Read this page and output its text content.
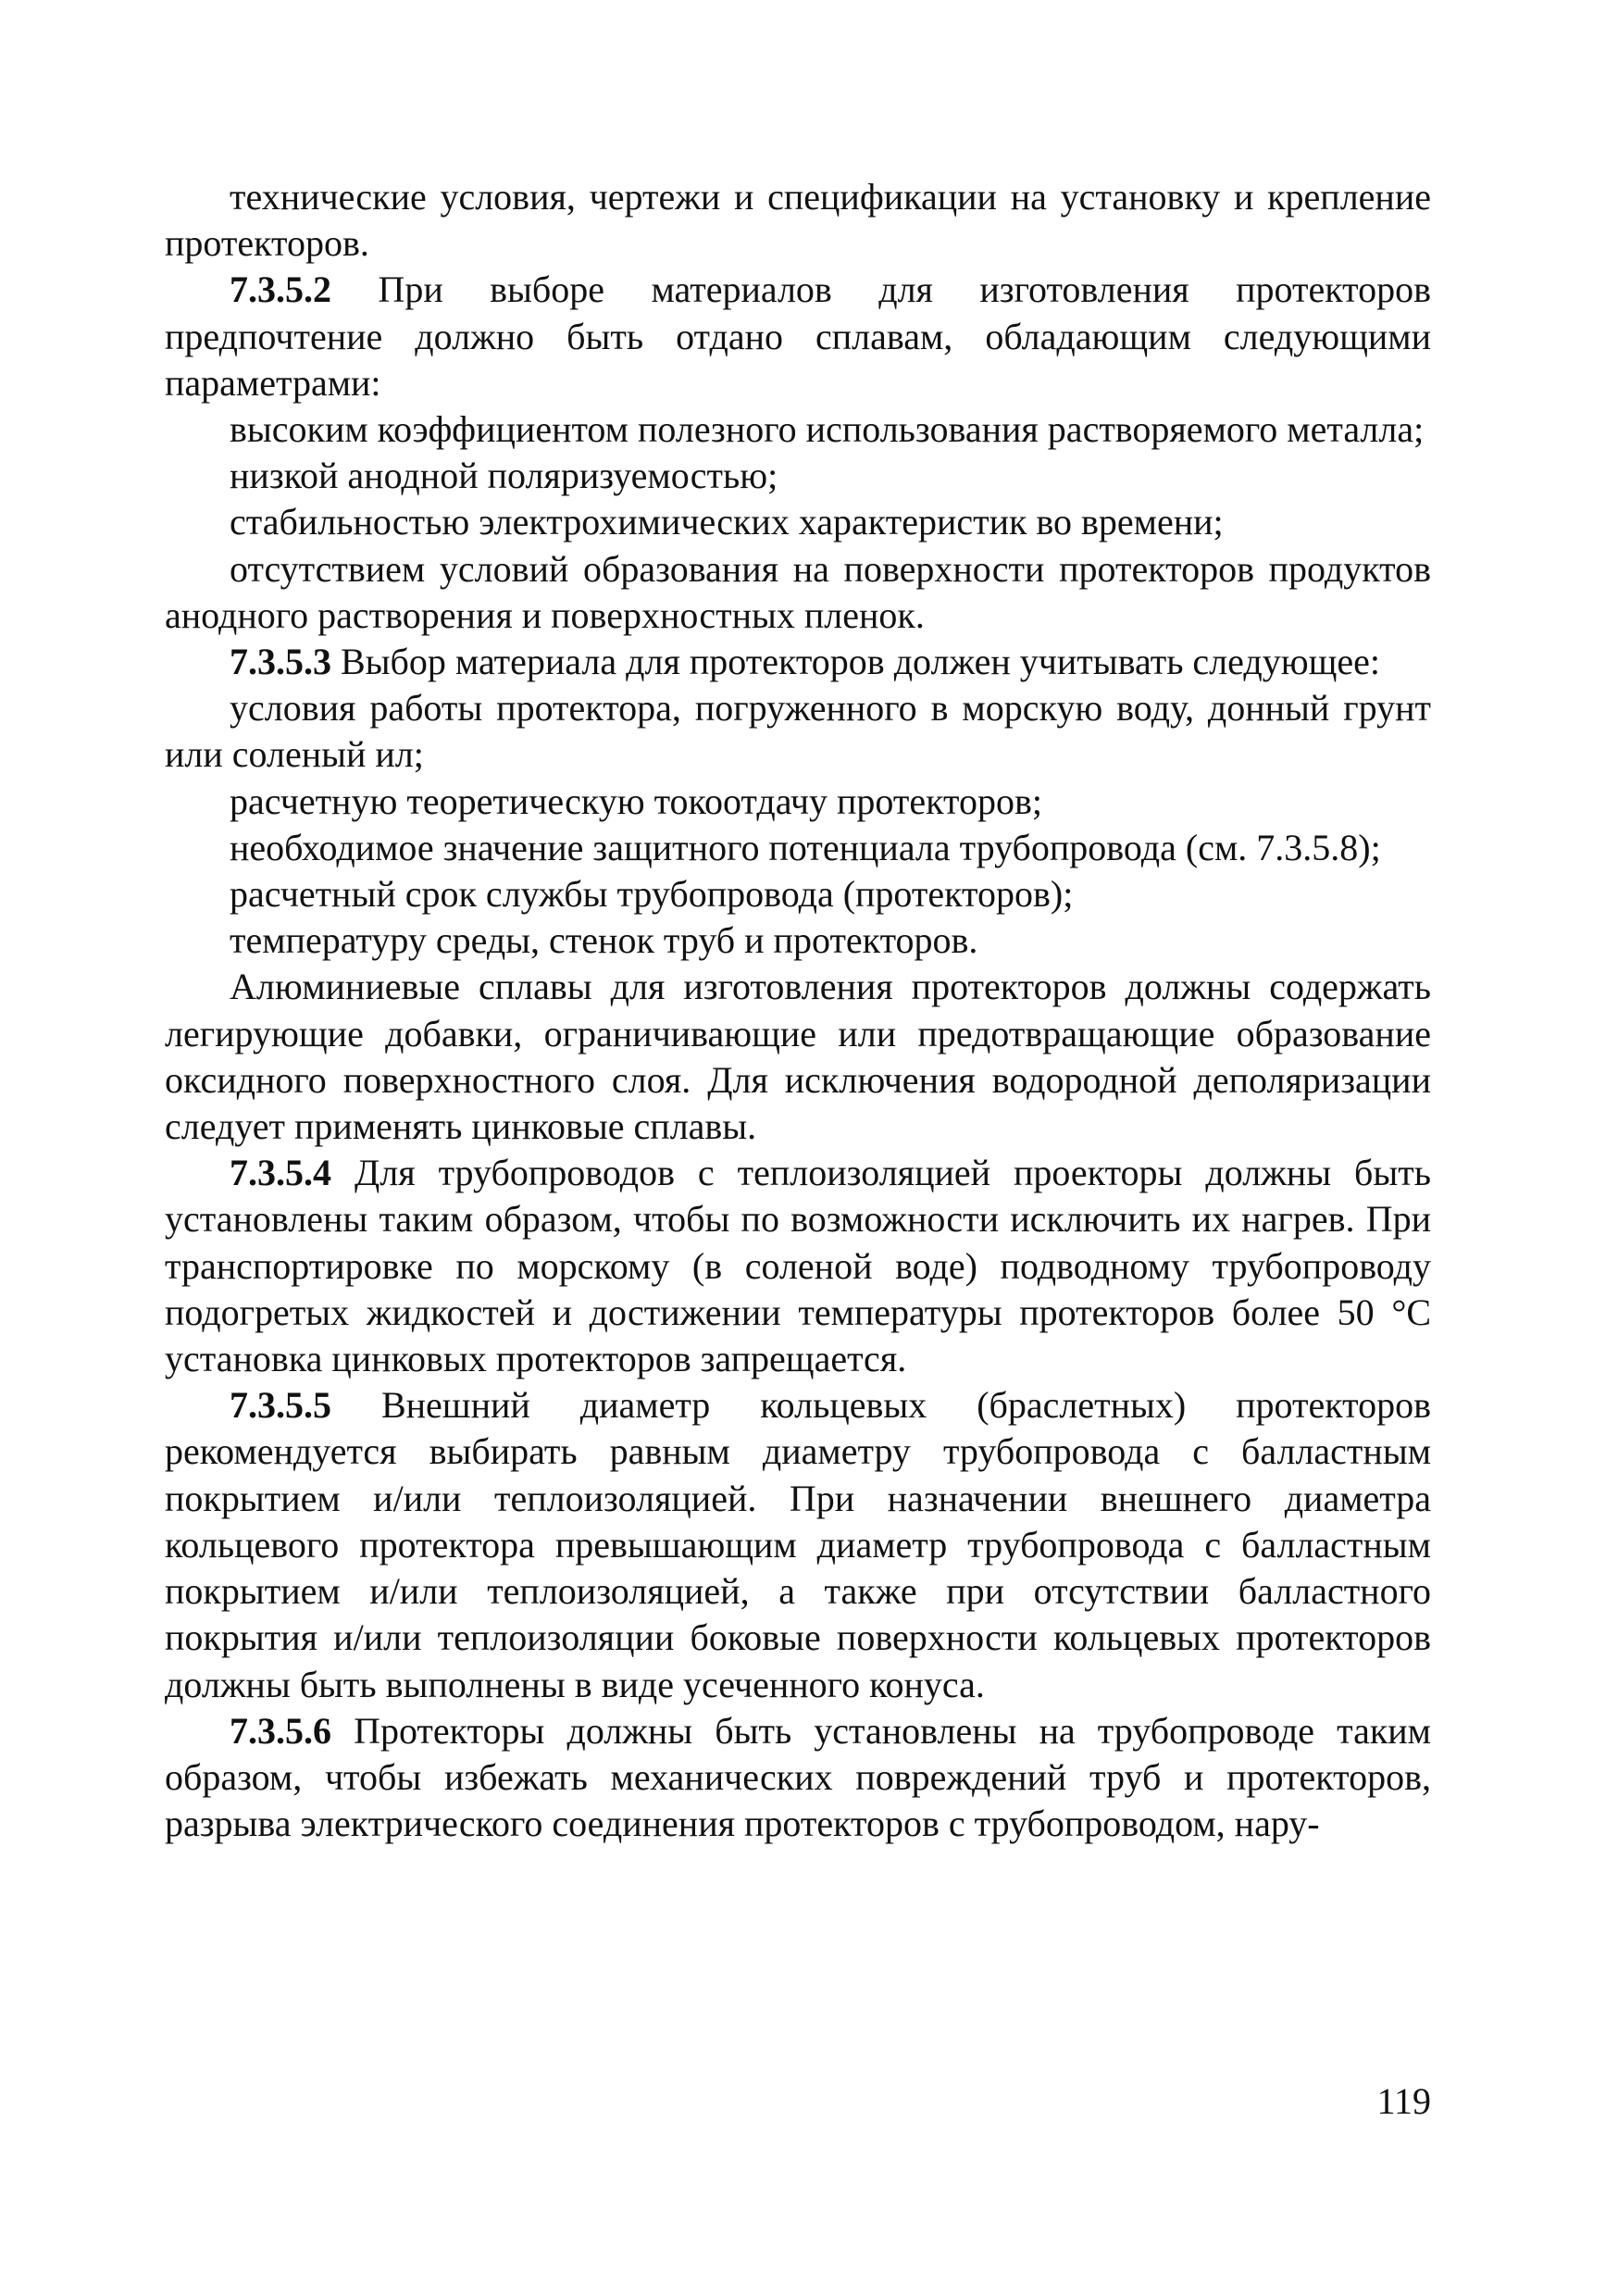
технические условия, чертежи и спецификации на установку и крепление протекторов.

7.3.5.2 При выборе материалов для изготовления протекторов предпочтение должно быть отдано сплавам, обладающим следующими параметрами:

высоким коэффициентом полезного использования растворяемого металла;

низкой анодной поляризуемостью;

стабильностью электрохимических характеристик во времени;

отсутствием условий образования на поверхности протекторов продуктов анодного растворения и поверхностных пленок.

7.3.5.3 Выбор материала для протекторов должен учитывать следующее:

условия работы протектора, погруженного в морскую воду, донный грунт или соленый ил;

расчетную теоретическую токоотдачу протекторов;

необходимое значение защитного потенциала трубопровода (см. 7.3.5.8);

расчетный срок службы трубопровода (протекторов);

температуру среды, стенок труб и протекторов.

Алюминиевые сплавы для изготовления протекторов должны содержать легирующие добавки, ограничивающие или предотвращающие образование оксидного поверхностного слоя. Для исключения водородной деполяризации следует применять цинковые сплавы.

7.3.5.4 Для трубопроводов с теплоизоляцией проекторы должны быть установлены таким образом, чтобы по возможности исключить их нагрев. При транспортировке по морскому (в соленой воде) подводному трубопроводу подогретых жидкостей и достижении температуры протекторов более 50 °С установка цинковых протекторов запрещается.

7.3.5.5 Внешний диаметр кольцевых (браслетных) протекторов рекомендуется выбирать равным диаметру трубопровода с балластным покрытием и/или теплоизоляцией. При назначении внешнего диаметра кольцевого протектора превышающим диаметр трубопровода с балластным покрытием и/или теплоизоляцией, а также при отсутствии балластного покрытия и/или теплоизоляции боковые поверхности кольцевых протекторов должны быть выполнены в виде усеченного конуса.

7.3.5.6 Протекторы должны быть установлены на трубопроводе таким образом, чтобы избежать механических повреждений труб и протекторов, разрыва электрического соединения протекторов с трубопроводом, нару-

119
